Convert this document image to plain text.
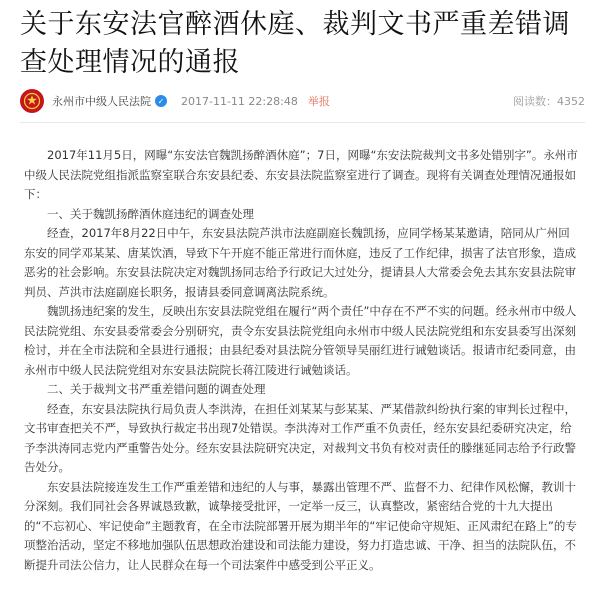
关于东安法官醉酒休庭、裁判文书严重差错调查处理情况的通报
永州市中级人民法院 ✓ 2017-11-11 22:28:48 举报	阅读数：4352

2017年11月5日，网曝“东安法官魏凯扬醉酒休庭”；7日，网曝“东安法院裁判文书多处错别字”。永州市中级人民法院党组指派监察室联合东安县纪委、东安县法院监察室进行了调查。现将有关调查处理情况通报如下：

一、关于魏凯扬醉酒休庭违纪的调查处理

经查，2017年8月22日中午，东安县法院芦洪市法庭副庭长魏凯扬，应同学杨某某邀请，陪同从广州回东安的同学邓某某、唐某饮酒，导致下午开庭不能正常进行而休庭，违反了工作纪律，损害了法官形象，造成恶劣的社会影响。东安县法院决定对魏凯扬同志给予行政记大过处分，提请县人大常委会免去其东安县法院审判员、芦洪市法庭副庭长职务，报请县委同意调离法院系统。

魏凯扬违纪案的发生，反映出东安县法院党组在履行“两个责任”中存在不严不实的问题。经永州市中级人民法院党组、东安县委常委会分别研究，责令东安县法院党组向永州市中级人民法院党组和东安县委写出深刻检讨，并在全市法院和全县进行通报；由县纪委对县法院分管领导吴丽红进行诫勉谈话。报请市纪委同意，由永州市中级人民法院党组对东安县法院院长蒋江陵进行诫勉谈话。

二、关于裁判文书严重差错问题的调查处理

经查，东安县法院执行局负责人李洪涛，在担任刘某某与彭某某、严某借款纠纷执行案的审判长过程中，文书审查把关不严，导致执行裁定书出现7处错误。李洪涛对工作严重不负责任，经东安县纪委研究决定，给予李洪涛同志党内严重警告处分。经东安县法院研究决定，对裁判文书负有校对责任的滕继延同志给予行政警告处分。

东安县法院接连发生工作严重差错和违纪的人与事，暴露出管理不严、监督不力、纪律作风松懈，教训十分深刻。我们同社会各界诚恳致歉，诚挚接受批评，一定举一反三，认真整改，紧密结合党的十九大提出的“不忘初心、牢记使命”主题教育，在全市法院部署开展为期半年的“牢记使命守规矩、正风肃纪在路上”的专项整治活动，坚定不移地加强队伍思想政治建设和司法能力建设，努力打造忠诚、干净、担当的法院队伍，不断提升司法公信力，让人民群众在每一个司法案件中感受到公平正义。
